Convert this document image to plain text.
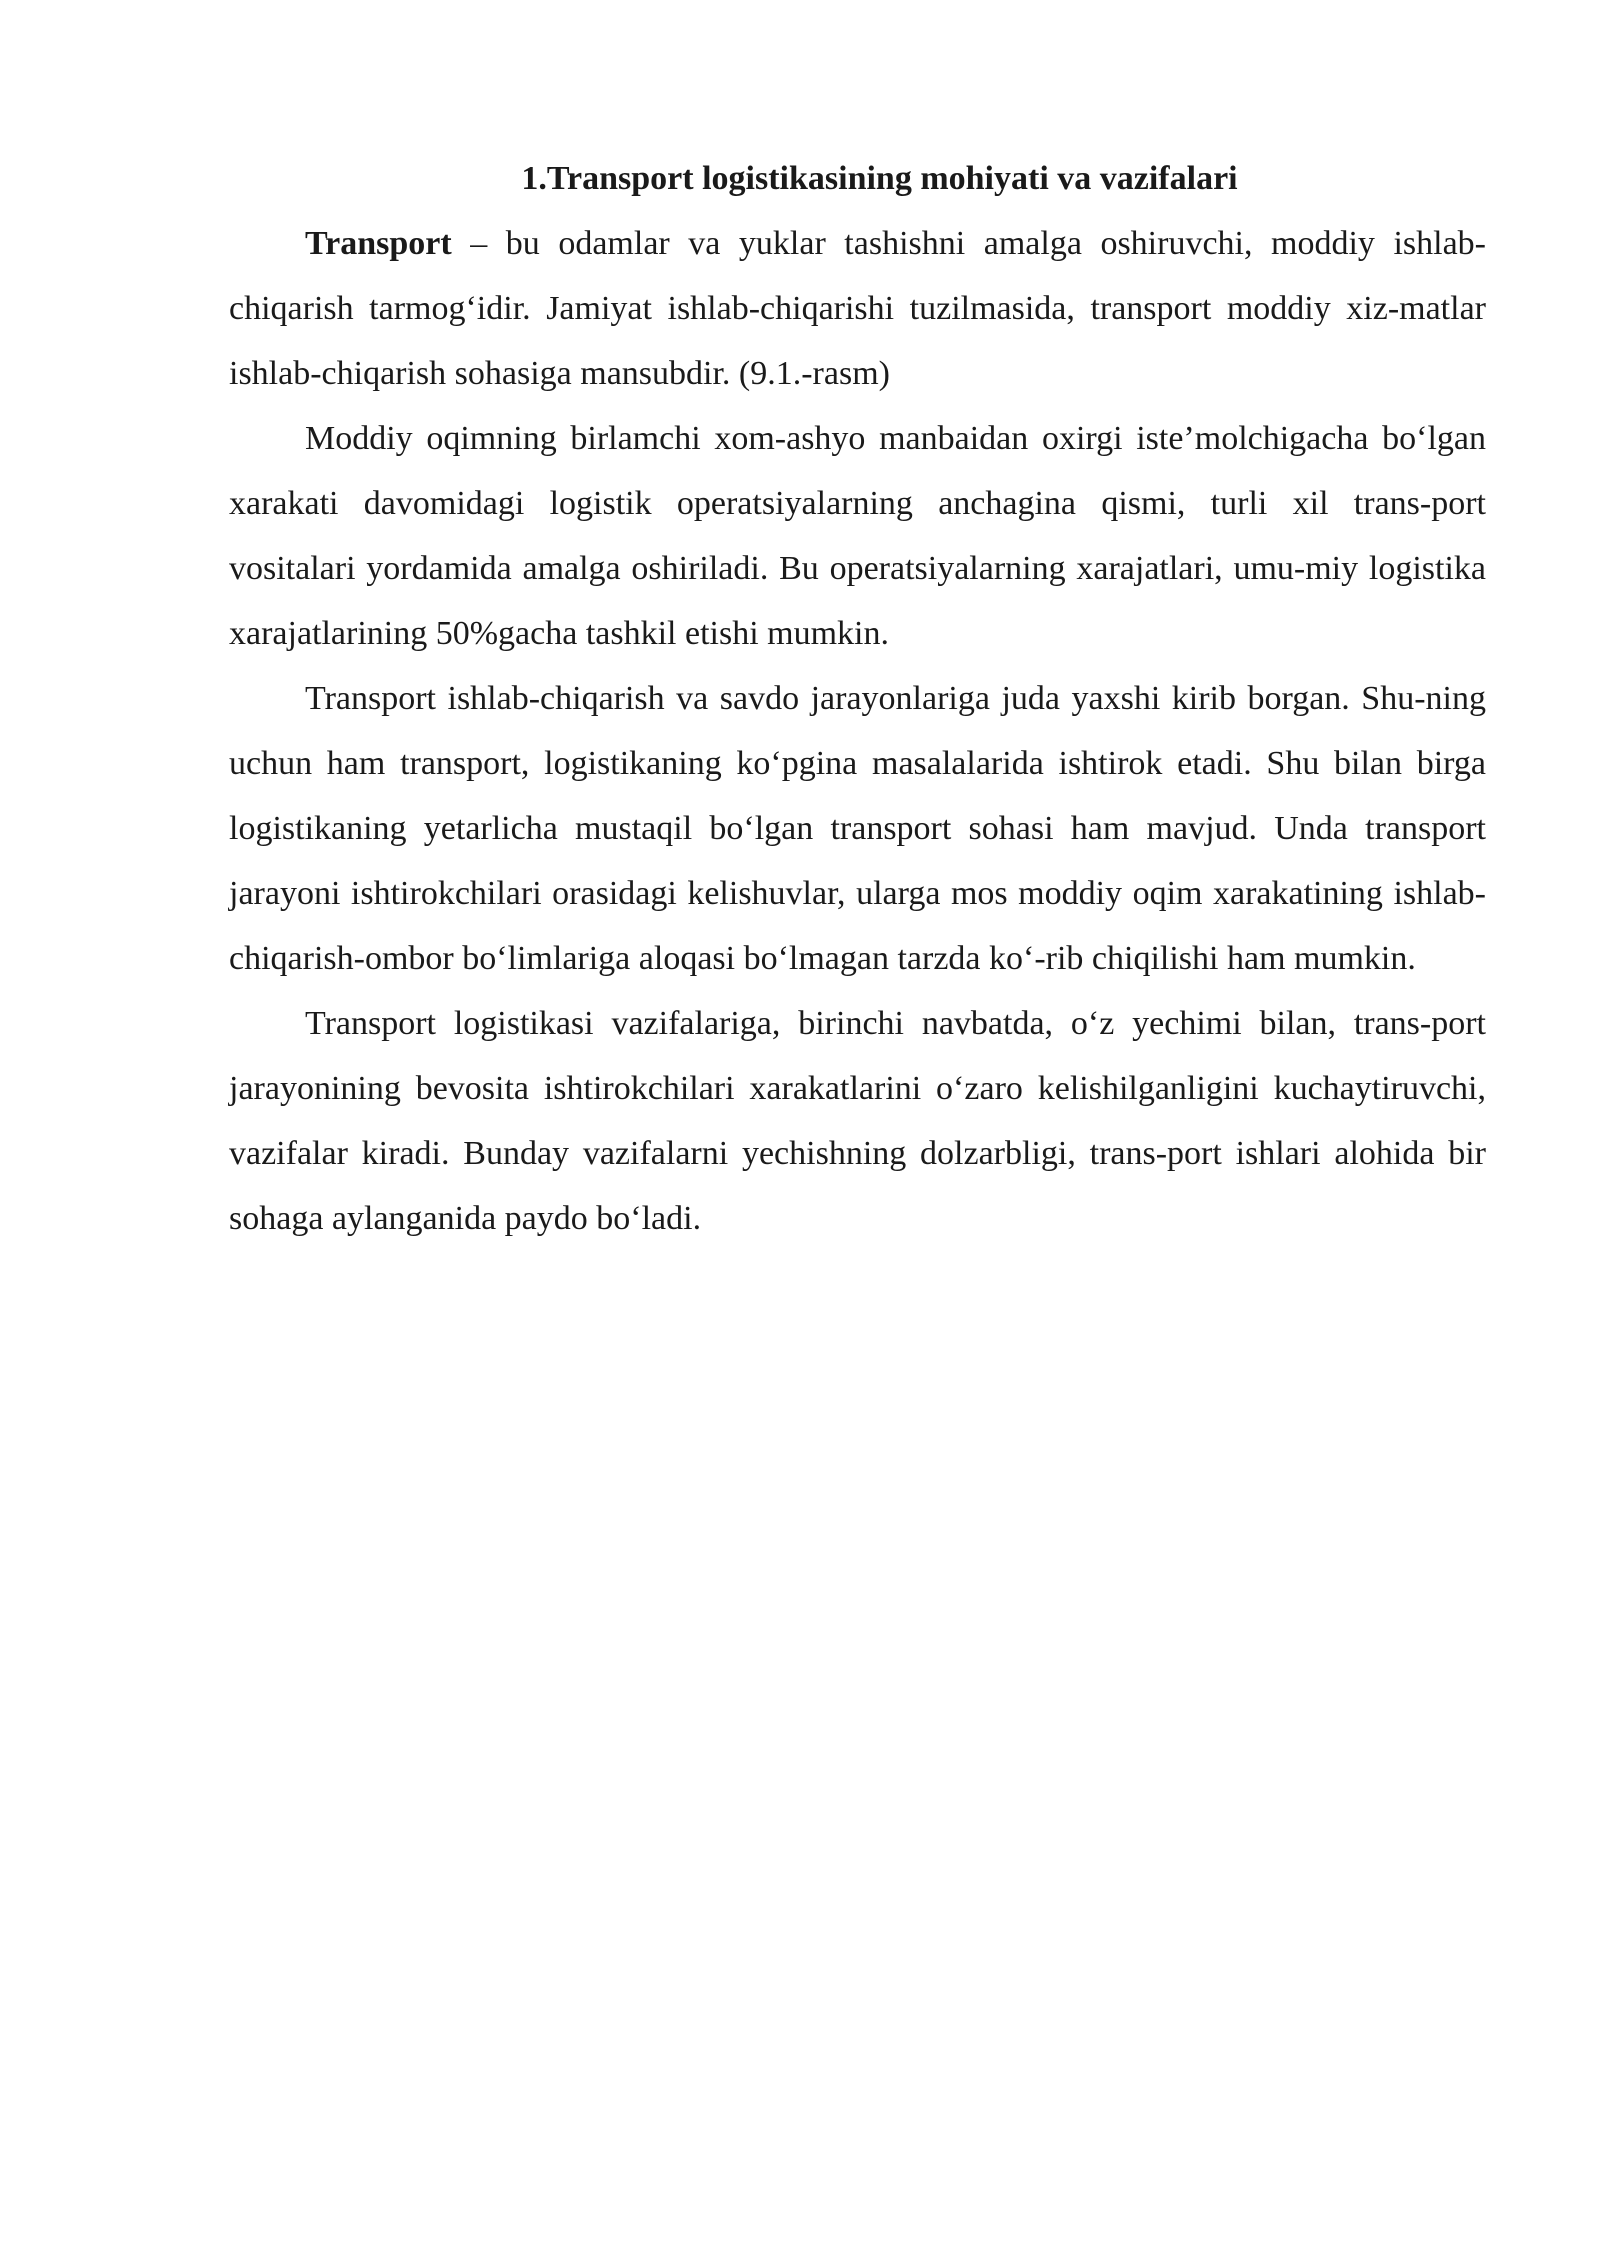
1.Transport logistikasining mohiyati va vazifalari

Transport – bu odamlar va yuklar tashishni amalga oshiruvchi, moddiy ishlab-chiqarish tarmog‘idir. Jamiyat ishlab-chiqarishi tuzilmasida, transport moddiy xiz-matlar ishlab-chiqarish sohasiga mansubdir. (9.1.-rasm)

Moddiy oqimning birlamchi xom-ashyo manbaidan oxirgi iste’molchigacha bo‘lgan xarakati davomidagi logistik operatsiyalarning anchagina qismi, turli xil trans-port vositalari yordamida amalga oshiriladi. Bu operatsiyalarning xarajatlari, umu-miy logistika xarajatlarining 50%gacha tashkil etishi mumkin.

Transport ishlab-chiqarish va savdo jarayonlariga juda yaxshi kirib borgan. Shu-ning uchun ham transport, logistikaning ko‘pgina masalalarida ishtirok etadi. Shu bilan birga logistikaning yetarlicha mustaqil bo‘lgan transport sohasi ham mavjud. Unda transport jarayoni ishtirokchilari orasidagi kelishuvlar, ularga mos moddiy oqim xarakatining ishlab-chiqarish-ombor bo‘limlariga aloqasi bo‘lmagan tarzda ko‘-rib chiqilishi ham mumkin.

Transport logistikasi vazifalariga, birinchi navbatda, o‘z yechimi bilan, trans-port jarayonining bevosita ishtirokchilari xarakatlarini o‘zaro kelishilganligini kuchaytiruvchi, vazifalar kiradi. Bunday vazifalarni yechishning dolzarbligi, trans-port ishlari alohida bir sohaga aylanganida paydo bo‘ladi.
